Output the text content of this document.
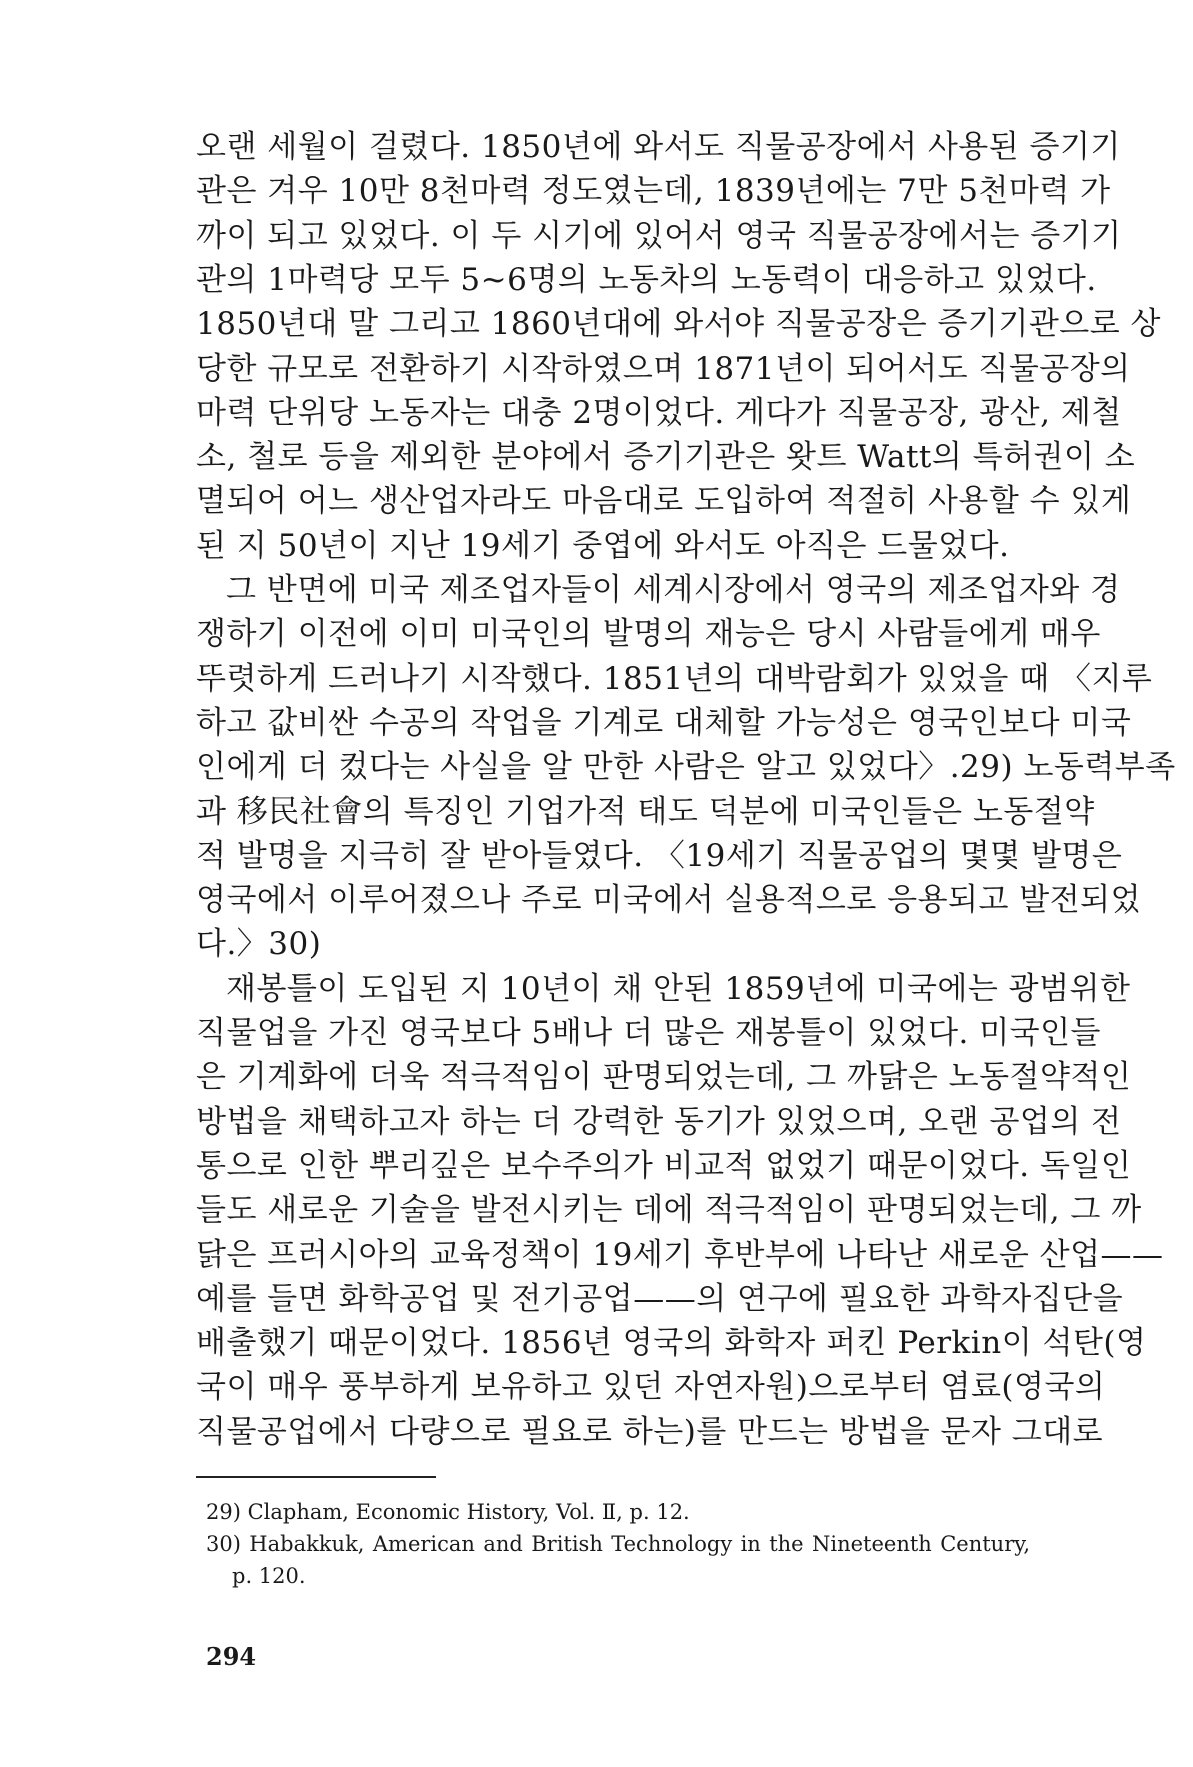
오랜 세월이 걸렸다. 1850년에 와서도 직물공장에서 사용된 증기기
관은 겨우 10만 8천마력 정도였는데, 1839년에는 7만 5천마력 가
까이 되고 있었다. 이 두 시기에 있어서 영국 직물공장에서는 증기기
관의 1마력당 모두 5~6명의 노동차의 노동력이 대응하고 있었다.
1850년대 말 그리고 1860년대에 와서야 직물공장은 증기기관으로 상
당한 규모로 전환하기 시작하였으며 1871년이 되어서도 직물공장의
마력 단위당 노동자는 대충 2명이었다. 게다가 직물공장, 광산, 제철
소, 철로 등을 제외한 분야에서 증기기관은 왓트 Watt의 특허권이 소
멸되어 어느 생산업자라도 마음대로 도입하여 적절히 사용할 수 있게
된 지 50년이 지난 19세기 중엽에 와서도 아직은 드물었다.
그 반면에 미국 제조업자들이 세계시장에서 영국의 제조업자와 경
쟁하기 이전에 이미 미국인의 발명의 재능은 당시 사람들에게 매우
뚜렷하게 드러나기 시작했다. 1851년의 대박람회가 있었을 때 〈지루
하고 값비싼 수공의 작업을 기계로 대체할 가능성은 영국인보다 미국
인에게 더 컸다는 사실을 알 만한 사람은 알고 있었다〉.29) 노동력부족
과 移民社會의 특징인 기업가적 태도 덕분에 미국인들은 노동절약
적 발명을 지극히 잘 받아들였다. 〈19세기 직물공업의 몇몇 발명은
영국에서 이루어졌으나 주로 미국에서 실용적으로 응용되고 발전되었
다.〉30)
재봉틀이 도입된 지 10년이 채 안된 1859년에 미국에는 광범위한
직물업을 가진 영국보다 5배나 더 많은 재봉틀이 있었다. 미국인들
은 기계화에 더욱 적극적임이 판명되었는데, 그 까닭은 노동절약적인
방법을 채택하고자 하는 더 강력한 동기가 있었으며, 오랜 공업의 전
통으로 인한 뿌리깊은 보수주의가 비교적 없었기 때문이었다. 독일인
들도 새로운 기술을 발전시키는 데에 적극적임이 판명되었는데, 그 까
닭은 프러시아의 교육정책이 19세기 후반부에 나타난 새로운 산업——
예를 들면 화학공업 및 전기공업——의 연구에 필요한 과학자집단을
배출했기 때문이었다. 1856년 영국의 화학자 퍼킨 Perkin이 석탄(영
국이 매우 풍부하게 보유하고 있던 자연자원)으로부터 염료(영국의
직물공업에서 다량으로 필요로 하는)를 만드는 방법을 문자 그대로
29) Clapham, Economic History, Vol. Ⅱ, p. 12.
30) Habakkuk, American and British Technology in the Nineteenth Century,
p. 120.
294
